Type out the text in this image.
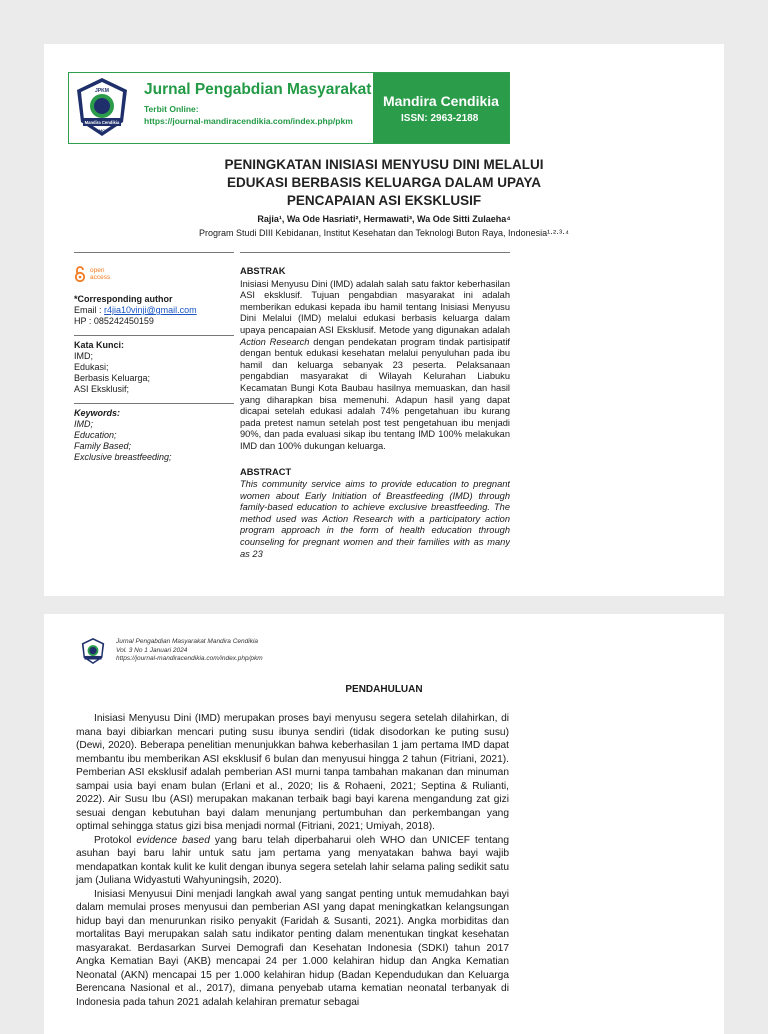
JPKM
Mandira Cendikia
MC
Jurnal Pengabdian Masyarakat
Terbit Online:
https://journal-mandiracendikia.com/index.php/pkm
Mandira Cendikia
ISSN: 2963-2188
PENINGKATAN INISIASI MENYUSU DINI MELALUI EDUKASI BERBASIS KELUARGA DALAM UPAYA PENCAPAIAN ASI EKSKLUSIF
Rajia¹, Wa Ode Hasriati², Hermawati³, Wa Ode Sitti Zulaeha⁴
Program Studi DIII Kebidanan, Institut Kesehatan dan Teknologi Buton Raya, Indonesia¹·²·³·⁴
open
access
*Corresponding author
Email : r4jia10vinji@gmail.com
HP : 085242450159
Kata Kunci:
IMD;
Edukasi;
Berbasis Keluarga;
ASI Eksklusif;
Keywords:
IMD;
Education;
Family Based;
Exclusive breastfeeding;
ABSTRAK
Inisiasi Menyusu Dini (IMD) adalah salah satu faktor keberhasilan ASI eksklusif. Tujuan pengabdian masyarakat ini adalah memberikan edukasi kepada ibu hamil tentang Inisiasi Menyusu Dini Melalui (IMD) melalui edukasi berbasis keluarga dalam upaya pencapaian ASI Eksklusif. Metode yang digunakan adalah Action Research dengan pendekatan program tindak partisipatif dengan bentuk edukasi kesehatan melalui penyuluhan pada ibu hamil dan keluarga sebanyak 23 peserta. Pelaksanaan pengabdian masyarakat di Wilayah Kelurahan Liabuku Kecamatan Bungi Kota Baubau hasilnya memuaskan, dan hasil yang diharapkan bisa memenuhi. Adapun hasil yang dapat dicapai setelah edukasi adalah 74% pengetahuan ibu kurang pada pretest namun setelah post test pengetahuan ibu menjadi 90%, dan pada evaluasi sikap ibu tentang IMD 100% melakukan IMD dan 100% dukungan keluarga.
ABSTRACT
This community service aims to provide education to pregnant women about Early Initiation of Breastfeeding (IMD) through family-based education to achieve exclusive breastfeeding. The method used was Action Research with a participatory action program approach in the form of health education through counseling for pregnant women and their families with as many as 23
Jurnal Pengabdian Masyarakat Mandira Cendikia
Vol. 3 No 1 Januari 2024
https://journal-mandiracendikia.com/index.php/pkm
PENDAHULUAN

Inisiasi Menyusu Dini (IMD) merupakan proses bayi menyusu segera setelah dilahirkan, di mana bayi dibiarkan mencari puting susu ibunya sendiri (tidak disodorkan ke puting susu) (Dewi, 2020). Beberapa penelitian menunjukkan bahwa keberhasilan 1 jam pertama IMD dapat membantu ibu memberikan ASI eksklusif 6 bulan dan menyusui hingga 2 tahun (Fitriani, 2021). Pemberian ASI eksklusif adalah pemberian ASI murni tanpa tambahan makanan dan minuman sampai usia bayi enam bulan (Erlani et al., 2020; Iis & Rohaeni, 2021; Septina & Rulianti, 2022). Air Susu Ibu (ASI) merupakan makanan terbaik bagi bayi karena mengandung zat gizi sesuai dengan kebutuhan bayi dalam menunjang pertumbuhan dan perkembangan yang optimal sehingga status gizi bisa menjadi normal (Fitriani, 2021; Umiyah, 2018).

Protokol evidence based yang baru telah diperbaharui oleh WHO dan UNICEF tentang asuhan bayi baru lahir untuk satu jam pertama yang menyatakan bahwa bayi wajib mendapatkan kontak kulit ke kulit dengan ibunya segera setelah lahir selama paling sedikit satu jam (Juliana Widyastuti Wahyuningsih, 2020).

Inisiasi Menyusui Dini menjadi langkah awal yang sangat penting untuk memudahkan bayi dalam memulai proses menyusui dan pemberian ASI yang dapat meningkatkan kelangsungan hidup bayi dan menurunkan risiko penyakit (Faridah & Susanti, 2021). Angka morbiditas dan mortalitas Bayi merupakan salah satu indikator penting dalam menentukan tingkat kesehatan masyarakat. Berdasarkan Survei Demografi dan Kesehatan Indonesia (SDKI) tahun 2017 Angka Kematian Bayi (AKB) mencapai 24 per 1.000 kelahiran hidup dan Angka Kematian Neonatal (AKN) mencapai 15 per 1.000 kelahiran hidup (Badan Kependudukan dan Keluarga Berencana Nasional et al., 2017), dimana penyebab utama kematian neonatal terbanyak di Indonesia pada tahun 2021 adalah kelahiran prematur sebagai
